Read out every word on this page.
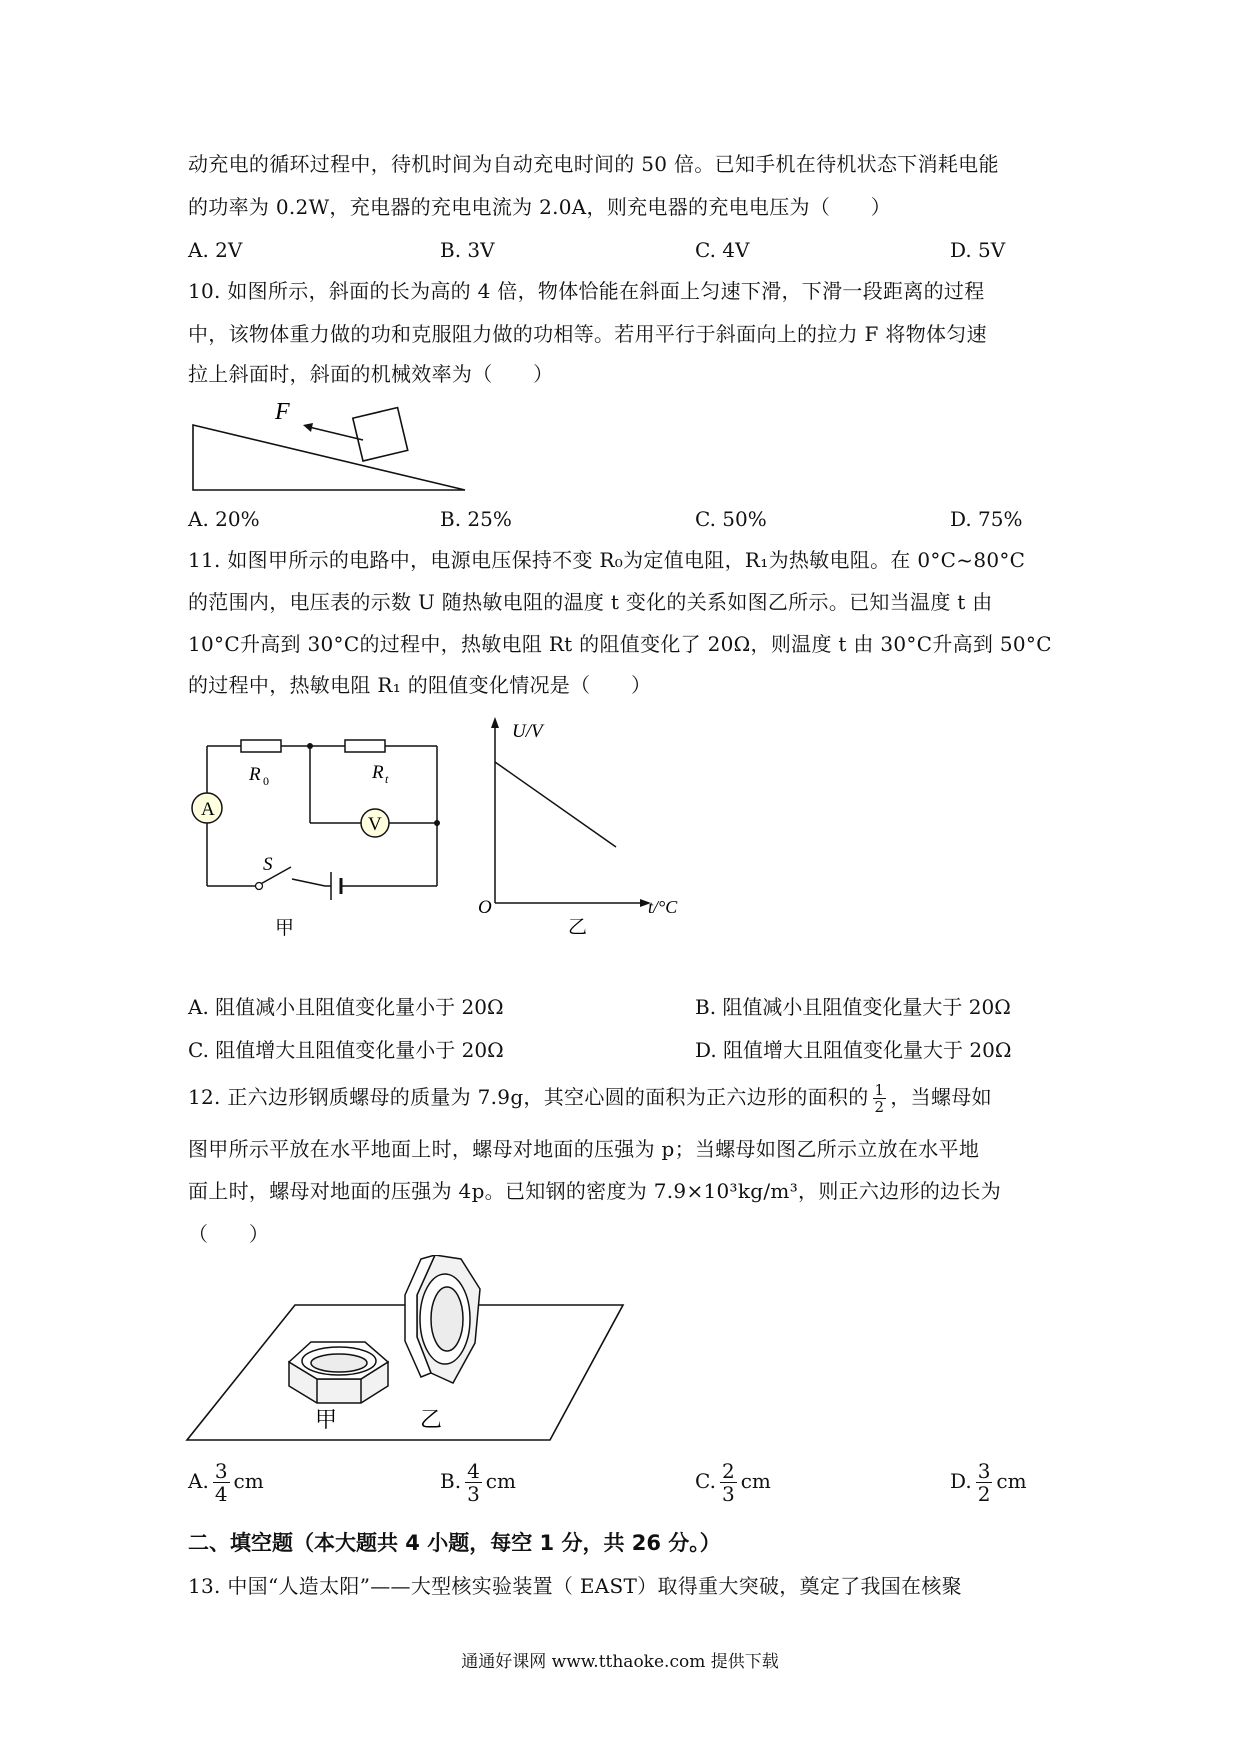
动充电的循环过程中，待机时间为自动充电时间的 50 倍。已知手机在待机状态下消耗电能
的功率为 0.2W，充电器的充电电流为 2.0A，则充电器的充电电压为（　　）
A. 2V	B. 3V	C. 4V	D. 5V
10. 如图所示，斜面的长为高的 4 倍，物体恰能在斜面上匀速下滑，下滑一段距离的过程
中，该物体重力做的功和克服阻力做的功相等。若用平行于斜面向上的拉力 F 将物体匀速
拉上斜面时，斜面的机械效率为（　　）
F
A. 20%	B. 25%	C. 50%	D. 75%
11. 如图甲所示的电路中，电源电压保持不变 R₀为定值电阻，R₁为热敏电阻。在 0°C~80°C
的范围内，电压表的示数 U 随热敏电阻的温度 t 变化的关系如图乙所示。已知当温度 t 由
10°C升高到 30°C的过程中，热敏电阻 Rt 的阻值变化了 20Ω，则温度 t 由 30°C升高到 50°C
的过程中，热敏电阻 R₁ 的阻值变化情况是（　　）
A
V
R 0	R t
S
甲
U/V
O	t/°C
乙
A. 阻值减小且阻值变化量小于 20Ω	B. 阻值减小且阻值变化量大于 20Ω
C. 阻值增大且阻值变化量小于 20Ω	D. 阻值增大且阻值变化量大于 20Ω
12. 正六边形钢质螺母的质量为 7.9g，其空心圆的面积为正六边形的面积的 $\frac{1}{2}$ ，当螺母如
图甲所示平放在水平地面上时，螺母对地面的压强为 p；当螺母如图乙所示立放在水平地
面上时，螺母对地面的压强为 4p。已知钢的密度为 7.9×10³kg/m³，则正六边形的边长为
（　　）
甲	乙
A. $\frac{3}{4}$ cm	B. $\frac{4}{3}$ cm	C. $\frac{2}{3}$ cm	D. $\frac{3}{2}$ cm
二、填空题（本大题共 4 小题，每空 1 分，共 26 分。）
13. 中国“人造太阳”——大型核实验装置（ EAST）取得重大突破，奠定了我国在核聚
通通好课网 www.tthaoke.com 提供下载
